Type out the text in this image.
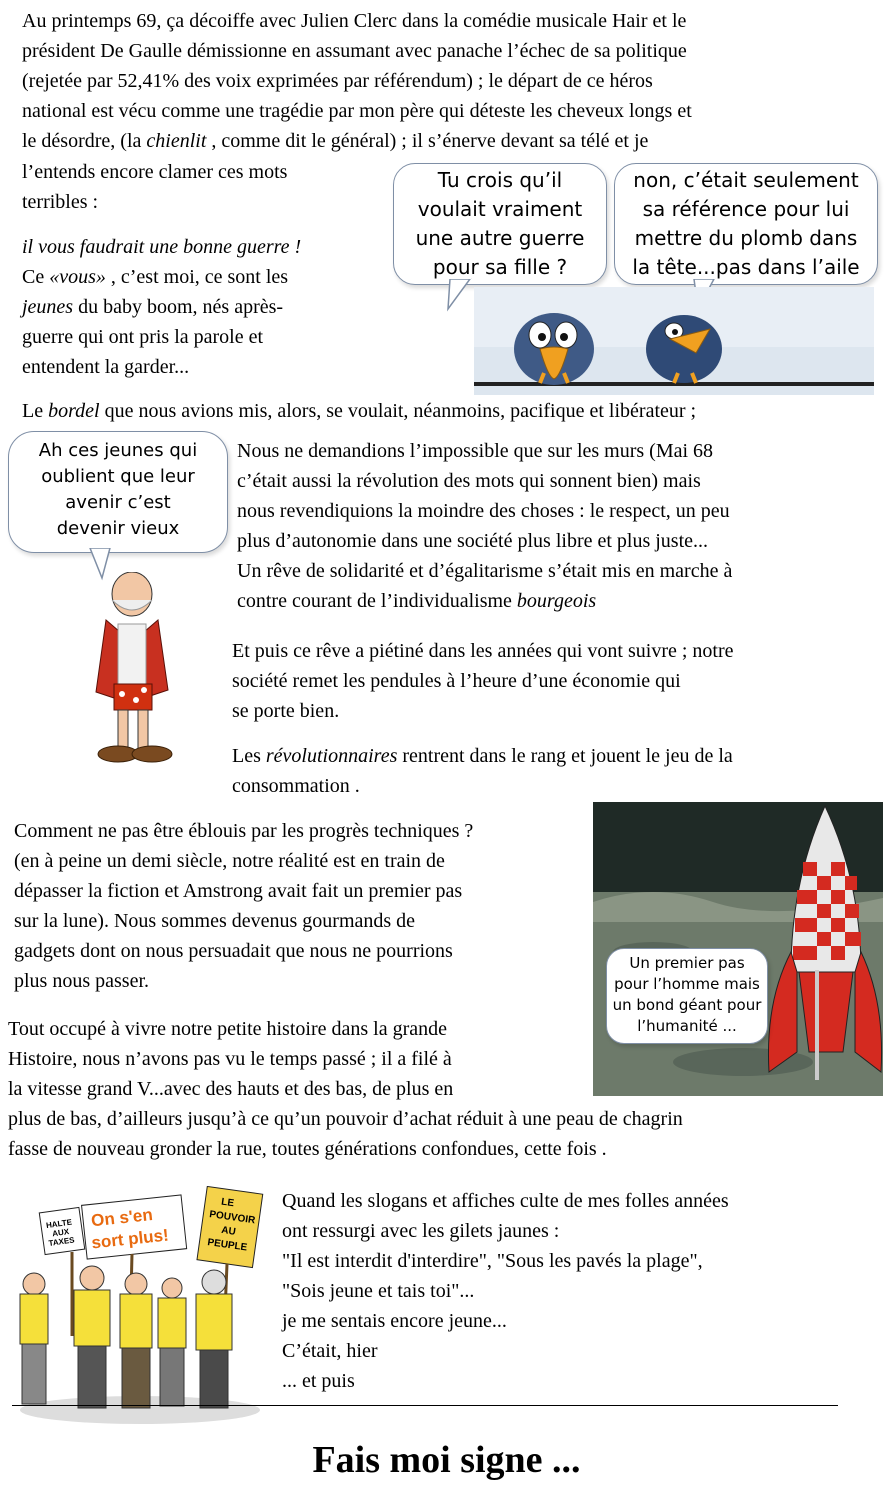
Au printemps 69, ça décoiffe avec Julien Clerc dans la comédie musicale Hair et le
président De Gaulle démissionne en assumant avec panache l’échec de sa politique
(rejetée par 52,41% des voix exprimées par référendum) ; le départ de ce héros
national est vécu comme une tragédie par mon père qui déteste les cheveux longs et
le désordre, (la chienlit , comme dit le général) ; il s’énerve devant sa télé et je
l’entends encore clamer ces mots
terribles :
il vous faudrait une bonne guerre !
Ce «vous» , c’est moi, ce sont les
jeunes du baby boom, nés après-
guerre qui ont pris la parole et
entendent la garder...
Tu crois qu’il
voulait vraiment
une autre guerre
pour sa fille ?
non, c’était seulement
sa référence pour lui
mettre du plomb dans
la tête...pas dans l’aile
Le bordel que nous avions mis, alors, se voulait, néanmoins, pacifique et libérateur ;
Ah ces jeunes qui
oublient que leur
avenir c’est
devenir vieux
Nous ne demandions l’impossible que sur les murs (Mai 68
c’était aussi la révolution des mots qui sonnent bien) mais
nous revendiquions la moindre des choses : le respect, un peu
plus d’autonomie dans une société plus libre et plus juste...
Un rêve de solidarité et d’égalitarisme s’était mis en marche à
contre courant de l’individualisme bourgeois
Et puis ce rêve a piétiné dans les années qui vont suivre ; notre
société remet les pendules à l’heure d’une économie qui
se porte bien.
Les révolutionnaires rentrent dans le rang et jouent le jeu de la
consommation .
Comment ne pas être éblouis par les progrès techniques ?
(en à peine un demi siècle, notre réalité est en train de
dépasser la fiction et Amstrong avait fait un premier pas
sur la lune). Nous sommes devenus gourmands de
gadgets dont on nous persuadait que nous ne pourrions
plus nous passer.
Un premier pas
pour l’homme mais
un bond géant pour
l’humanité ...
Tout occupé à vivre notre petite histoire dans la grande
Histoire, nous n’avons pas vu le temps passé ; il a filé à
la vitesse grand V...avec des hauts et des bas, de plus en
plus de bas, d’ailleurs jusqu’à ce qu’un pouvoir d’achat réduit à une peau de chagrin
fasse de nouveau gronder la rue, toutes générations confondues, cette fois .
HALTEAUXTAXES
On s'ensort plus!
LEPOUVOIRAUPEUPLE
Quand les slogans et affiches culte de mes folles années
ont ressurgi avec les gilets jaunes :
"Il est interdit d'interdire", "Sous les pavés la plage",
"Sois jeune et tais toi"...
je me sentais encore jeune...
C’était, hier
... et puis
Fais moi signe ...
